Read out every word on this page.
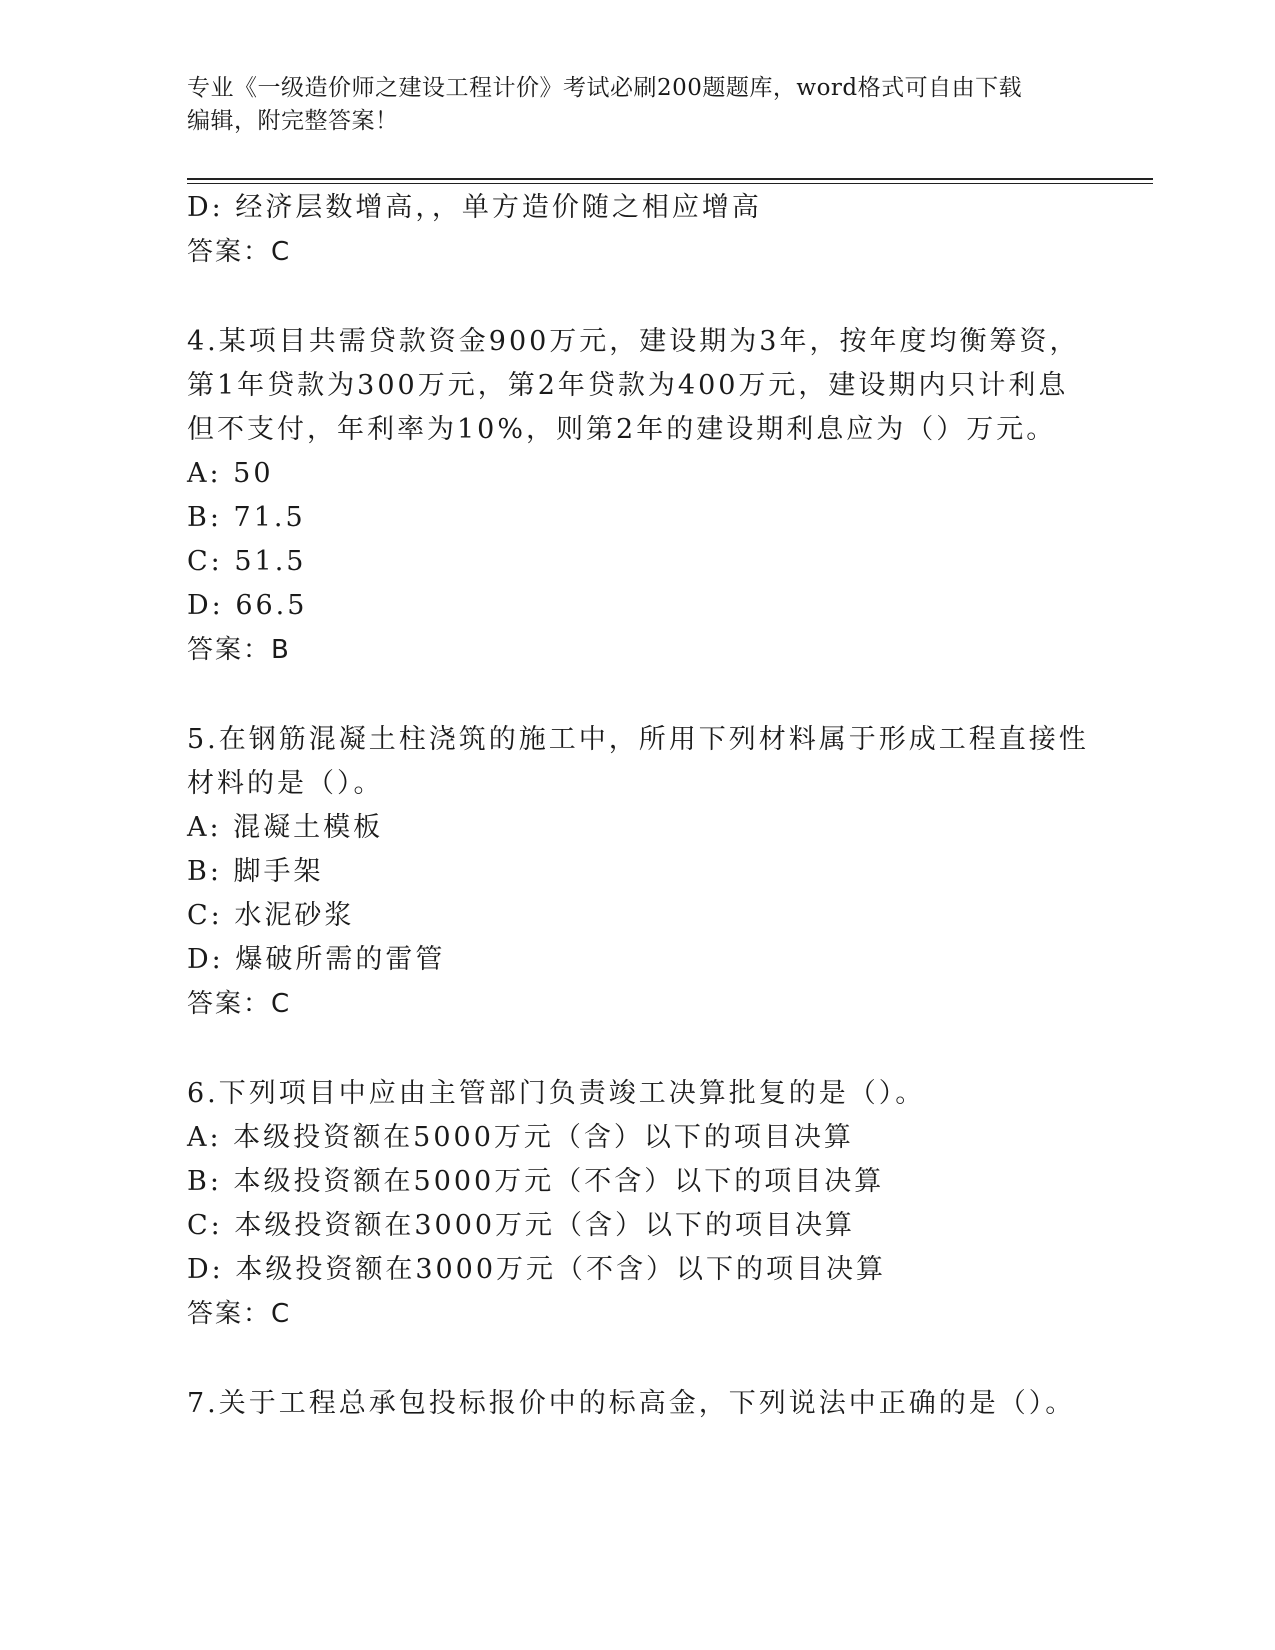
专业《一级造价师之建设工程计价》考试必刷200题题库，word格式可自由下载
编辑，附完整答案！
D: 经济层数增高，，单方造价随之相应增高
答案：C
4.某项目共需贷款资金900万元，建设期为3年，按年度均衡筹资，
第1年贷款为300万元，第2年贷款为400万元，建设期内只计利息
但不支付，年利率为10%，则第2年的建设期利息应为（）万元。
A: 50
B: 71.5
C: 51.5
D: 66.5
答案：B
5.在钢筋混凝土柱浇筑的施工中，所用下列材料属于形成工程直接性
材料的是（）。
A: 混凝土模板
B: 脚手架
C: 水泥砂浆
D: 爆破所需的雷管
答案：C
6.下列项目中应由主管部门负责竣工决算批复的是（）。
A: 本级投资额在5000万元（含）以下的项目决算
B: 本级投资额在5000万元（不含）以下的项目决算
C: 本级投资额在3000万元（含）以下的项目决算
D: 本级投资额在3000万元（不含）以下的项目决算
答案：C
7.关于工程总承包投标报价中的标高金，下列说法中正确的是（）。
